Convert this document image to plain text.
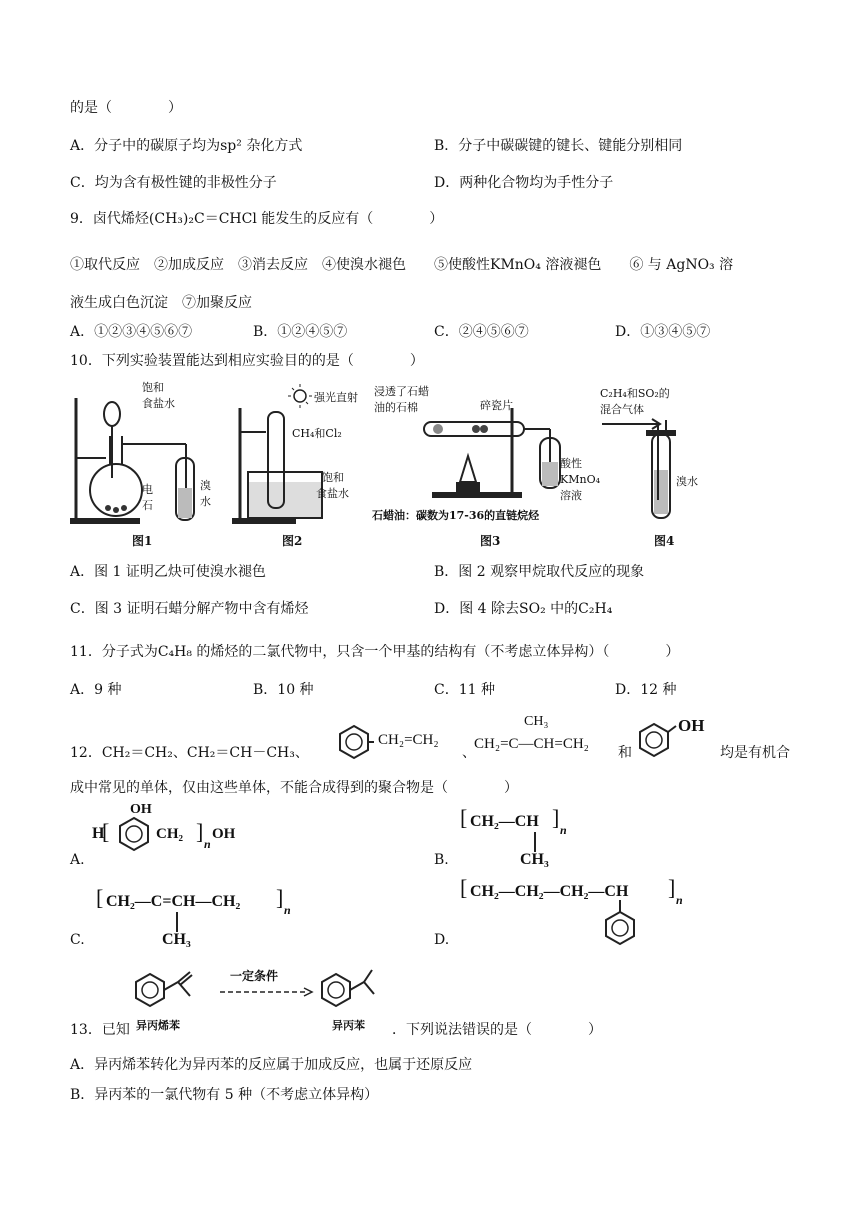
的是（　　　　）
A．分子中的碳原子均为sp² 杂化方式	B．分子中碳碳键的键长、键能分别相同
C．均为含有极性键的非极性分子	D．两种化合物均为手性分子
9．卤代烯烃(CH₃)₂C＝CHCl 能发生的反应有（　　　　）
①取代反应　②加成反应　③消去反应　④使溴水褪色　　⑤使酸性KMnO₄ 溶液褪色　　⑥ 与 AgNO₃ 溶
液生成白色沉淀　⑦加聚反应
A．①②③④⑤⑥⑦	B．①②④⑤⑦	C．②④⑤⑥⑦	D．①③④⑤⑦
10．下列实验装置能达到相应实验目的的是（　　　　）
饱和
食盐水
电
石
溴
水
图1
强光直射
CH₄和Cl₂
饱和
食盐水
图2
浸透了石蜡
油的石棉	碎瓷片
酸性
KMnO₄
溶液
石蜡油：碳数为17-36的直链烷烃
图3
C₂H₄和SO₂的
混合气体
溴水
图4
A．图 1 证明乙炔可使溴水褪色	B．图 2 观察甲烷取代反应的现象
C．图 3 证明石蜡分解产物中含有烯烃	D．图 4 除去SO₂ 中的C₂H₄
11．分子式为C₄H₈ 的烯烃的二氯代物中，只含一个甲基的结构有（不考虑立体异构）（　　　　）
A．9 种	B．10 种	C．11 种	D．12 种
12．CH₂＝CH₂、CH₂＝CH－CH₃、
CH₂=CH₂
、
CH₃
CH₂=C—CH=CH₂
和
OH
均是有机合
成中常见的单体，仅由这些单体，不能合成得到的聚合物是（　　　　）
A.
H
[
OH
CH₂ ] n
OH
B.
[ CH₂—CH ] n
CH₃
C.
[ CH₂—C=CH—CH₂ ] n
CH₃	D.
[ CH₂—CH₂—CH₂—CH ] n
13．已知 异丙烯苯
一定条件
异丙苯 ．下列说法错误的是（　　　　）
A．异丙烯苯转化为异丙苯的反应属于加成反应，也属于还原反应
B．异丙苯的一氯代物有 5 种（不考虑立体异构）
